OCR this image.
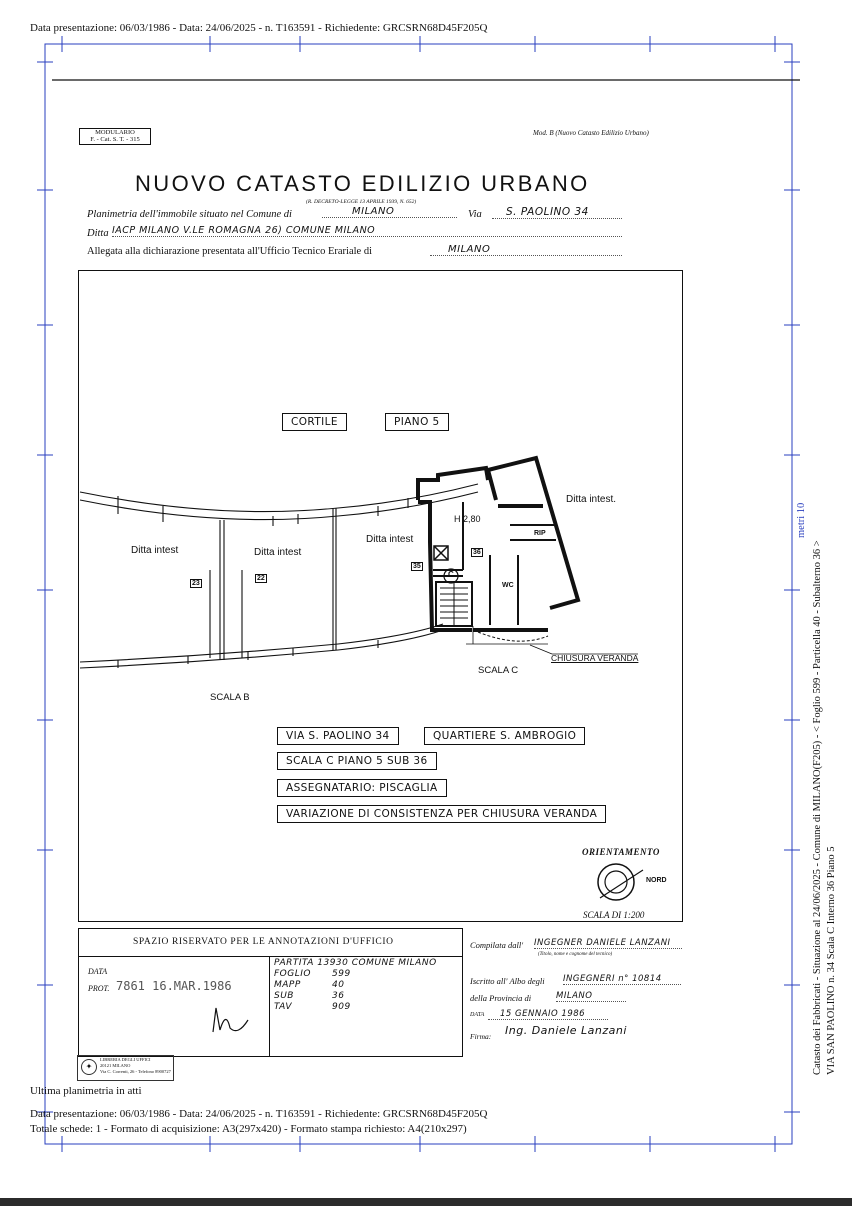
Data presentazione: 06/03/1986 - Data: 24/06/2025 - n. T163591 - Richiedente: GRCSRN68D45F205Q
Catasto dei Fabbricati - Situazione al 24/06/2025 - Comune di MILANO(F205) - < Foglio 599 - Particella 40 - Subalterno 36 > VIA SAN PAOLINO n. 34 Scala C Interno 36 Piano 5
metri 10
MODULARIO
F. - Cat. S. T. - 315
Mod. B (Nuovo Catasto Edilizio Urbano)
NUOVO CATASTO EDILIZIO URBANO
(R. DECRETO-LEGGE 13 APRILE 1939, N. 652)
Planimetria dell'immobile situato nel Comune di	MILANO	Via	S. PAOLINO 34
Ditta IACP MILANO V.LE ROMAGNA 26) COMUNE MILANO
Allegata alla dichiarazione presentata all'Ufficio Tecnico Erariale di	MILANO
CORTILE	PIANO 5
Ditta intest.
Ditta intest	Ditta intest
Ditta intest
H 2,80
RIP
WC
36
35
23
22	C
CHIUSURA VERANDA
SCALA C
SCALA B
VIA S. PAOLINO 34	QUARTIERE S. AMBROGIO
SCALA C PIANO 5 SUB 36
ASSEGNATARIO: PISCAGLIA
VARIAZIONE DI CONSISTENZA PER CHIUSURA VERANDA
ORIENTAMENTO
NORD
SCALA DI 1:200
SPAZIO RISERVATO PER LE ANNOTAZIONI D'UFFICIO
DATA
PROT. 7861 16.MAR.1986
PARTITA 13930 COMUNE MILANO
FOGLIO 599
MAPP	40
SUB	36
TAV	909
Compilata dall' INGEGNER DANIELE LANZANI
(Titolo, nome e cognome del tecnico)
Iscritto all' Albo degli INGEGNERI n° 10814
della Provincia di	MILANO
DATA	15 GENNAIO 1986
Firma: Ing. Daniele Lanzani
✦
LIBRERIA DEGLI UFFICI
20121 MILANO
Via C. Correnti, 26 - Telefono 8900727
Ultima planimetria in atti
Data presentazione: 06/03/1986 - Data: 24/06/2025 - n. T163591 - Richiedente: GRCSRN68D45F205Q
Totale schede: 1 - Formato di acquisizione: A3(297x420) - Formato stampa richiesto: A4(210x297)
